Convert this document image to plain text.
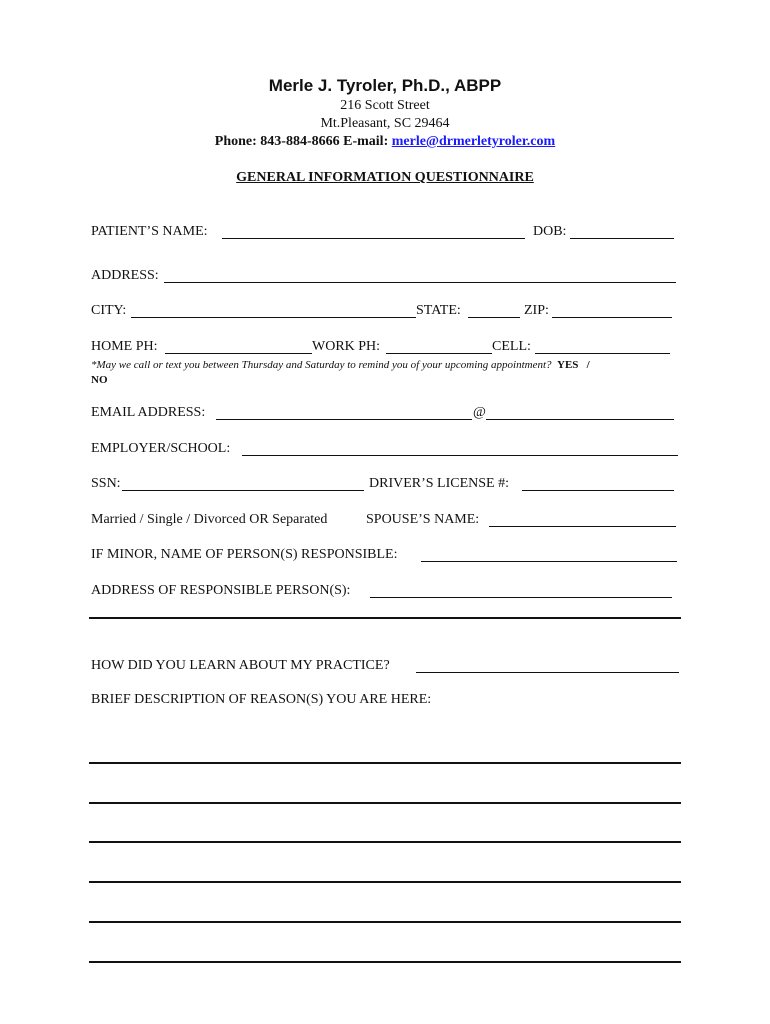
Merle J. Tyroler, Ph.D., ABPP
216 Scott Street
Mt.Pleasant, SC 29464
Phone: 843-884-8666 E-mail: merle@drmerletyroler.com
GENERAL INFORMATION QUESTIONNAIRE
PATIENT’S NAME:	DOB:
ADDRESS:
CITY:	STATE:	ZIP:
HOME PH:	WORK PH:	CELL:
*May we call or text you between Thursday and Saturday to remind you of your upcoming appointment? YES /
NO
EMAIL ADDRESS:	@
EMPLOYER/SCHOOL:
SSN:	DRIVER’S LICENSE #:
Married / Single / Divorced OR Separated	SPOUSE’S NAME:
IF MINOR, NAME OF PERSON(S) RESPONSIBLE:
ADDRESS OF RESPONSIBLE PERSON(S):
HOW DID YOU LEARN ABOUT MY PRACTICE?
BRIEF DESCRIPTION OF REASON(S) YOU ARE HERE:
